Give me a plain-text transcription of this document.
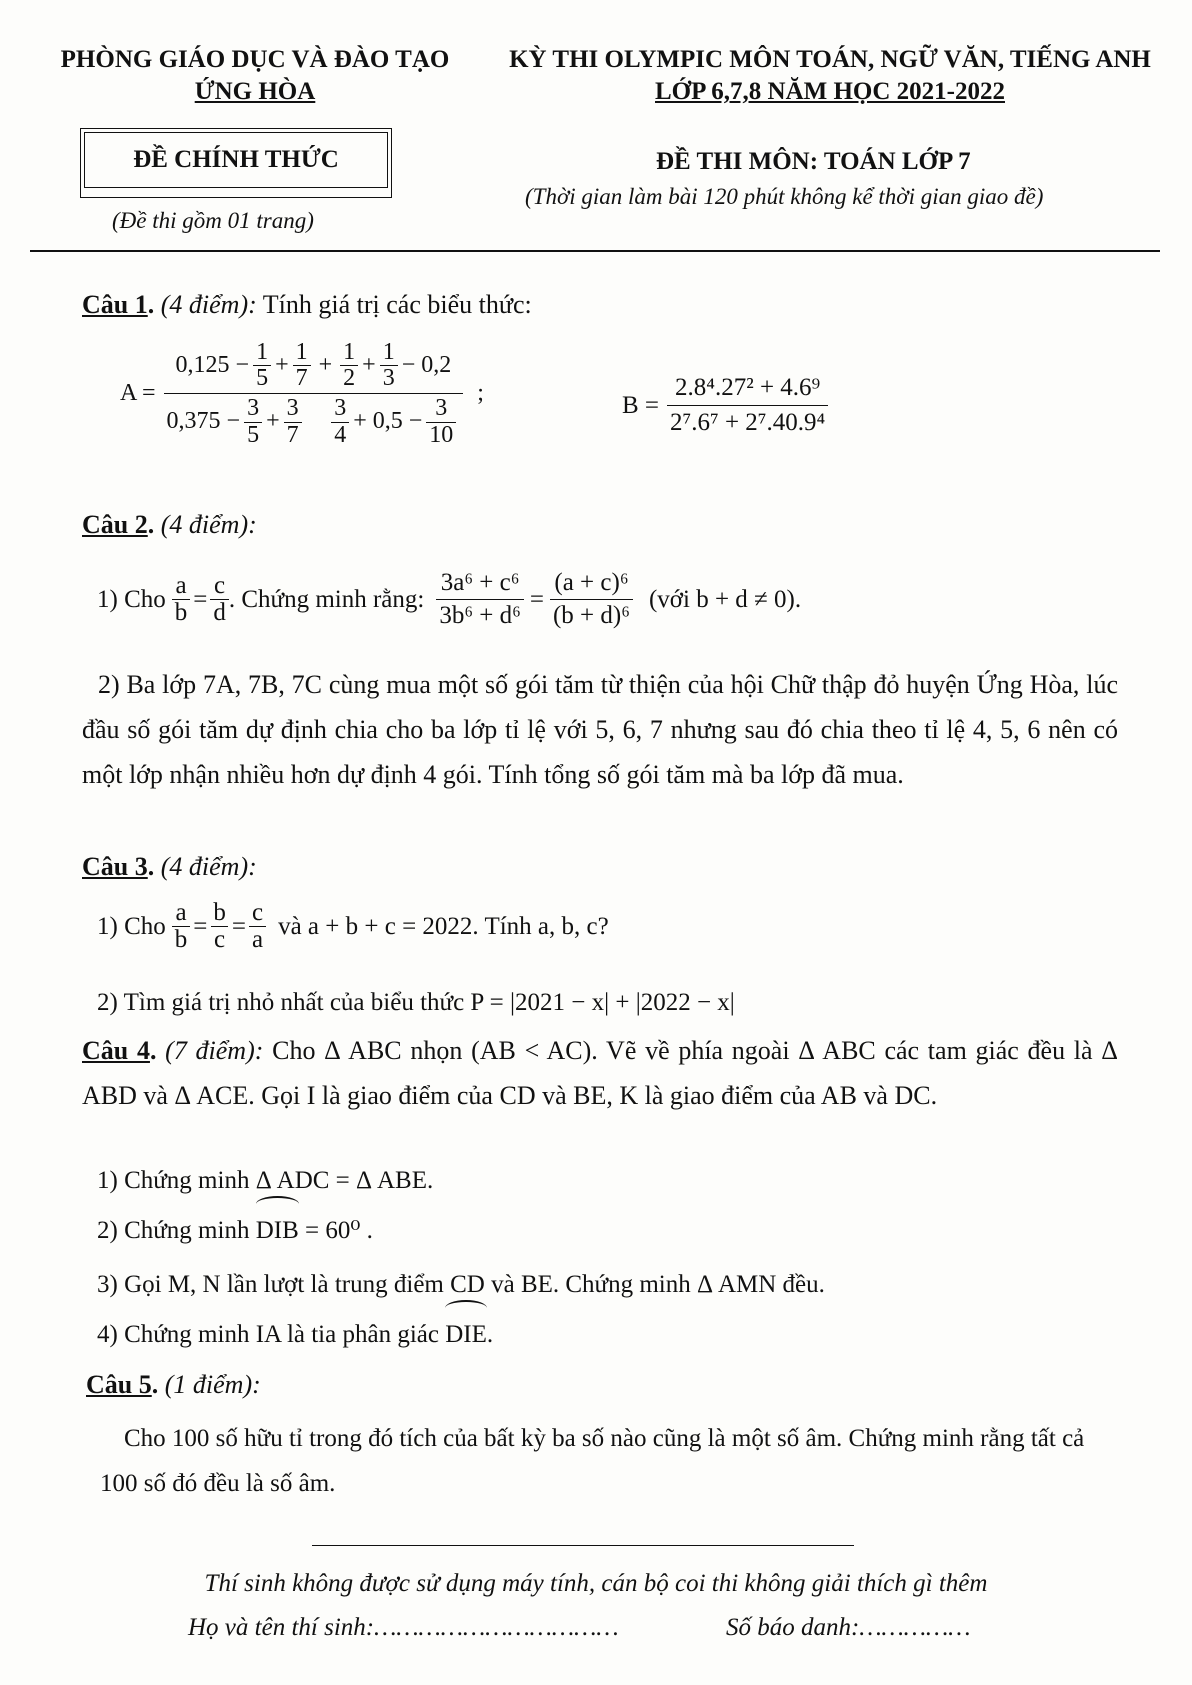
PHÒNG GIÁO DỤC VÀ ĐÀO TẠO
ỨNG HÒA
KỲ THI OLYMPIC MÔN TOÁN, NGỮ VĂN, TIẾNG ANH
LỚP 6,7,8 NĂM HỌC 2021-2022
ĐỀ CHÍNH THỨC
(Đề thi gồm 01 trang)
ĐỀ THI MÔN: TOÁN LỚP 7
(Thời gian làm bài 120 phút không kể thời gian giao đề)
Câu 1. (4 điểm): Tính giá trị các biểu thức:
A =
$0,125 - \frac{1}{5} + \frac{1}{7} + \frac{1}{2} + \frac{1}{3} - 0,2$
$0,375 - \frac{3}{5} + \frac{3}{7} \frac{3}{4} + 0,5 - \frac{3}{10}$
;	$B = \frac{\text{2.8⁴.27² + 4.6⁹}}{\text{2⁷.6⁷ + 2⁷.40.9⁴}}$
Câu 2. (4 điểm):
1) Cho $\frac{a}{b} = \frac{c}{d}$ . Chứng minh rằng: $\frac{\text{3a⁶ + c⁶}}{\text{3b⁶ + d⁶}} = \frac{\text{(a + c)⁶}}{\text{(b + d)⁶}}$ (với b + d ≠ 0).
2) Ba lớp 7A, 7B, 7C cùng mua một số gói tăm từ thiện của hội Chữ thập đỏ huyện Ứng Hòa, lúc đầu số gói tăm dự định chia cho ba lớp tỉ lệ với 5, 6, 7 nhưng sau đó chia theo tỉ lệ 4, 5, 6 nên có một lớp nhận nhiều hơn dự định 4 gói. Tính tổng số gói tăm mà ba lớp đã mua.
Câu 3. (4 điểm):
1) Cho $\frac{a}{b} = \frac{b}{c} = \frac{c}{a}$ và a + b + c = 2022. Tính a, b, c?
2) Tìm giá trị nhỏ nhất của biểu thức P = |2021 − x| + |2022 − x|
Câu 4. (7 điểm): Cho Δ ABC nhọn (AB < AC). Vẽ về phía ngoài Δ ABC các tam giác đều là Δ ABD và Δ ACE. Gọi I là giao điểm của CD và BE, K là giao điểm của AB và DC.
1) Chứng minh Δ ADC = Δ ABE.
2) Chứng minh DIB = 60⁰ .
3) Gọi M, N lần lượt là trung điểm CD và BE. Chứng minh Δ AMN đều.
4) Chứng minh IA là tia phân giác DIE.
Câu 5. (1 điểm):
Cho 100 số hữu tỉ trong đó tích của bất kỳ ba số nào cũng là một số âm. Chứng minh rằng tất cả 100 số đó đều là số âm.
Thí sinh không được sử dụng máy tính, cán bộ coi thi không giải thích gì thêm
Họ và tên thí sinh:……………………………	Số báo danh:……………
